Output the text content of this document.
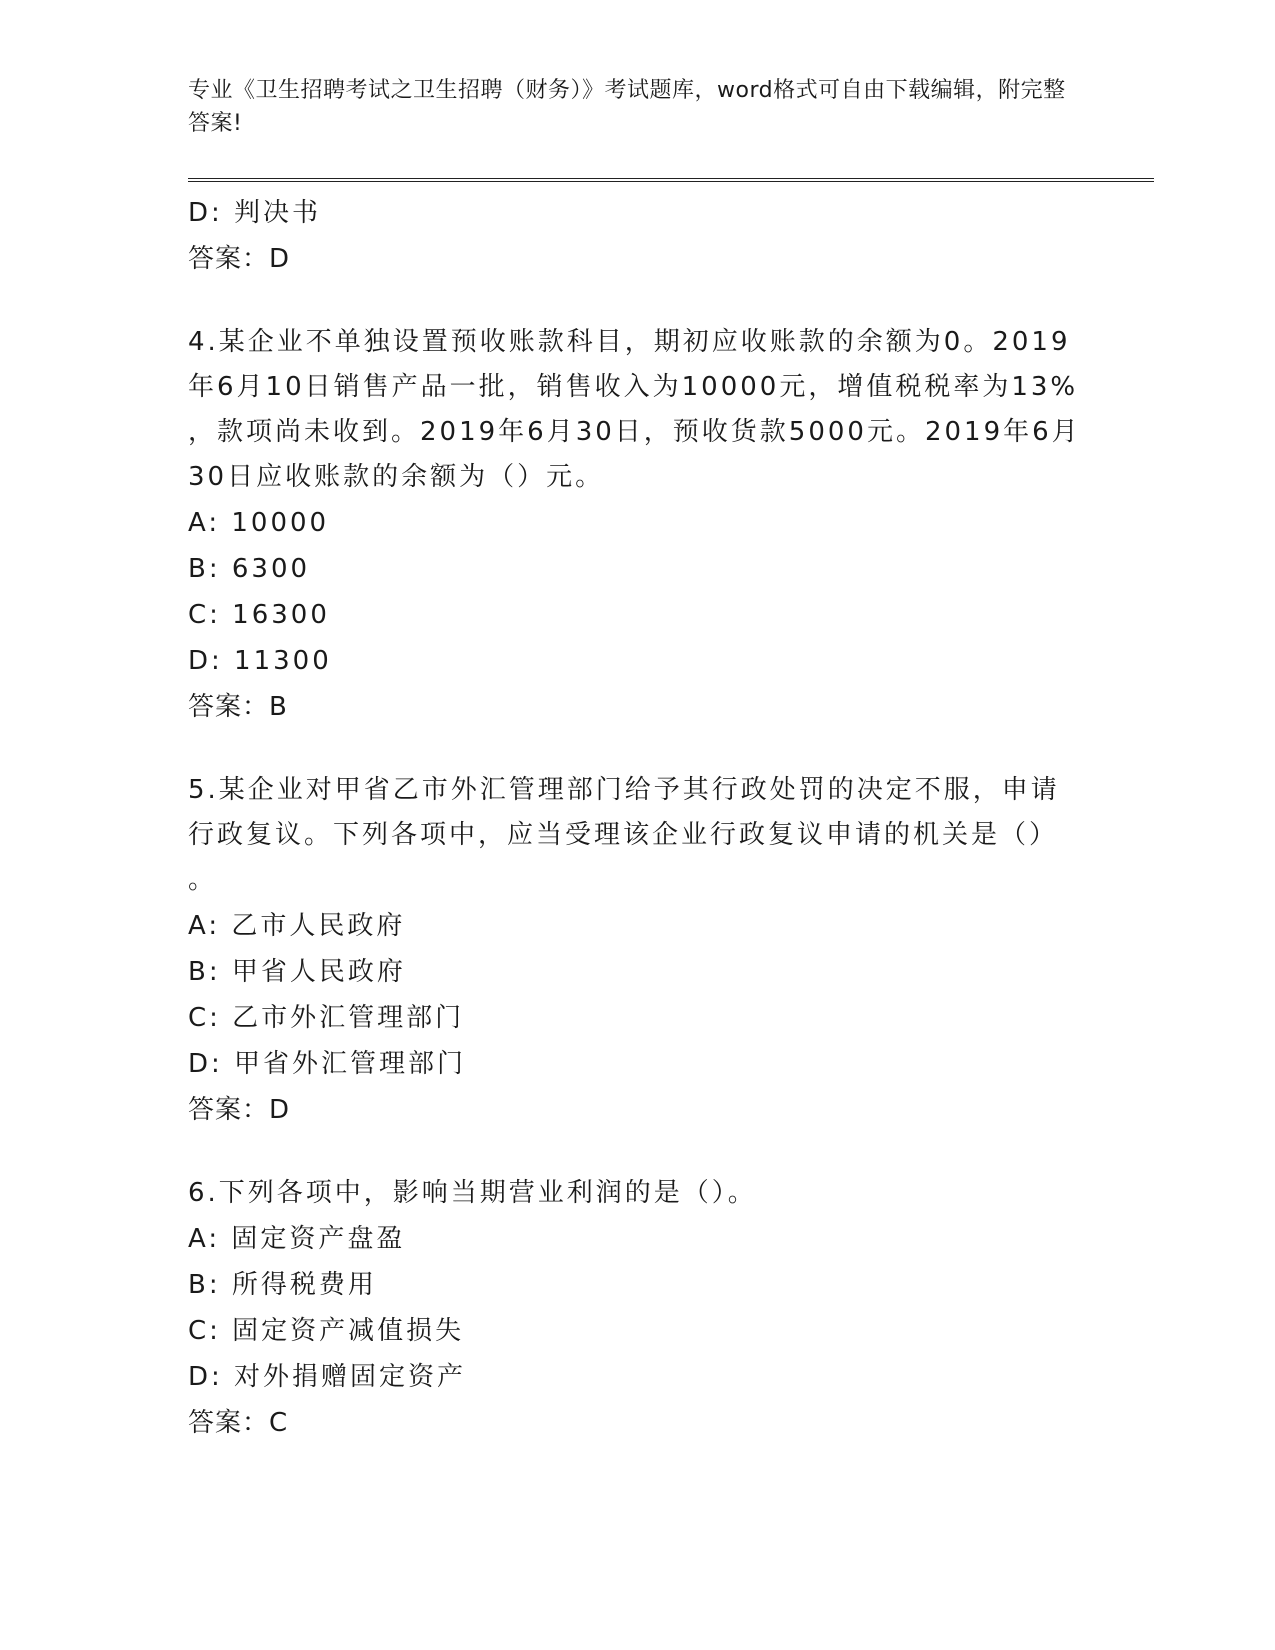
专业《卫生招聘考试之卫生招聘（财务）》考试题库，word格式可自由下载编辑，附完整答案!
D: 判决书
答案：D
4.某企业不单独设置预收账款科目，期初应收账款的余额为0。2019
年6月10日销售产品一批，销售收入为10000元，增值税税率为13%
，款项尚未收到。2019年6月30日，预收货款5000元。2019年6月
30日应收账款的余额为（）元。
A: 10000
B: 6300
C: 16300
D: 11300
答案：B
5.某企业对甲省乙市外汇管理部门给予其行政处罚的决定不服，申请
行政复议。下列各项中，应当受理该企业行政复议申请的机关是（）
。
A: 乙市人民政府
B: 甲省人民政府
C: 乙市外汇管理部门
D: 甲省外汇管理部门
答案：D
6.下列各项中，影响当期营业利润的是（）。
A: 固定资产盘盈
B: 所得税费用
C: 固定资产减值损失
D: 对外捐赠固定资产
答案：C
